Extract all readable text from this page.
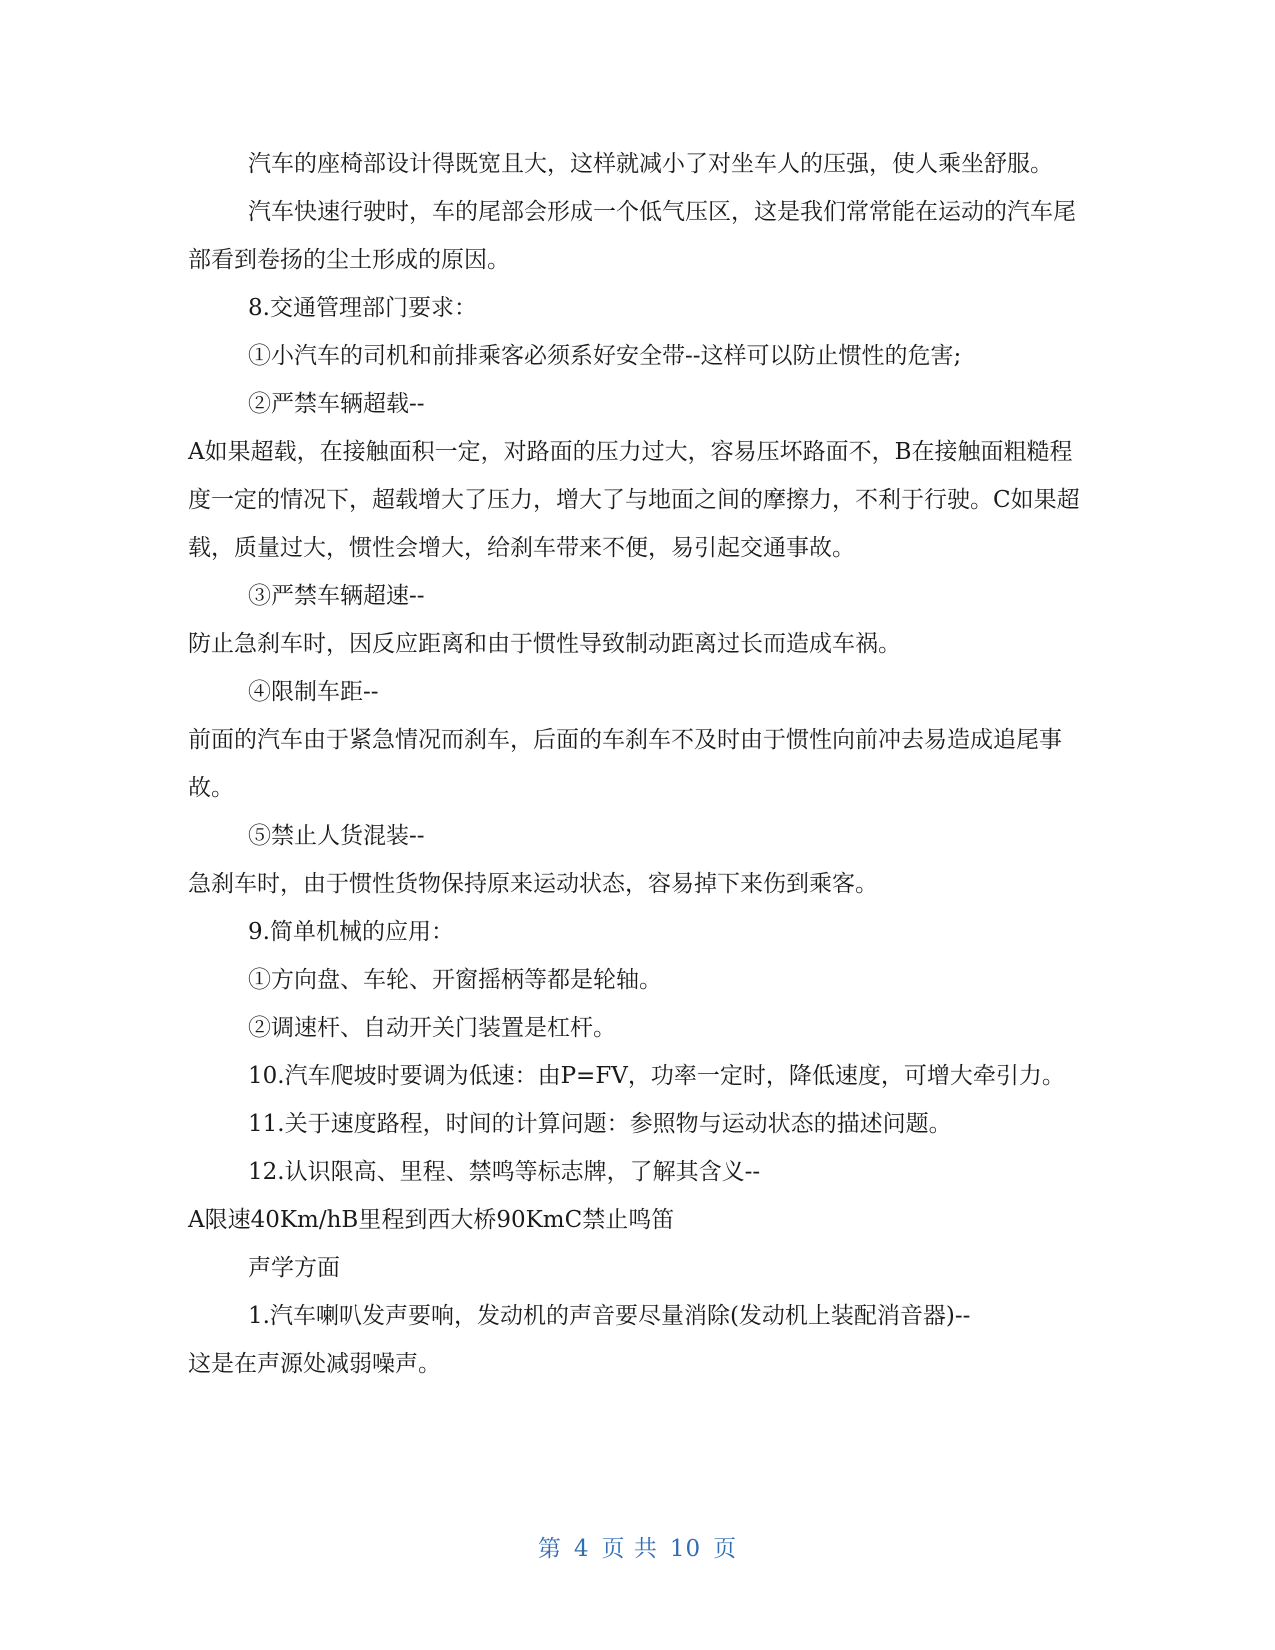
汽车的座椅部设计得既宽且大，这样就减小了对坐车人的压强，使人乘坐舒服。

汽车快速行驶时，车的尾部会形成一个低气压区，这是我们常常能在运动的汽车尾部看到卷扬的尘土形成的原因。

8.交通管理部门要求：

①小汽车的司机和前排乘客必须系好安全带--这样可以防止惯性的危害;

②严禁车辆超载--

A如果超载，在接触面积一定，对路面的压力过大，容易压坏路面不，B在接触面粗糙程度一定的情况下，超载增大了压力，增大了与地面之间的摩擦力，不利于行驶。C如果超载，质量过大，惯性会增大，给刹车带来不便，易引起交通事故。

③严禁车辆超速--

防止急刹车时，因反应距离和由于惯性导致制动距离过长而造成车祸。

④限制车距--

前面的汽车由于紧急情况而刹车，后面的车刹车不及时由于惯性向前冲去易造成追尾事故。

⑤禁止人货混装--

急刹车时，由于惯性货物保持原来运动状态，容易掉下来伤到乘客。

9.简单机械的应用：

①方向盘、车轮、开窗摇柄等都是轮轴。

②调速杆、自动开关门装置是杠杆。

10.汽车爬坡时要调为低速：由P=FV，功率一定时，降低速度，可增大牵引力。

11.关于速度路程，时间的计算问题：参照物与运动状态的描述问题。

12.认识限高、里程、禁鸣等标志牌，了解其含义--

A限速40Km/hB里程到西大桥90KmC禁止鸣笛

声学方面

1.汽车喇叭发声要响，发动机的声音要尽量消除(发动机上装配消音器)--

这是在声源处减弱噪声。

第 4 页 共 10 页
